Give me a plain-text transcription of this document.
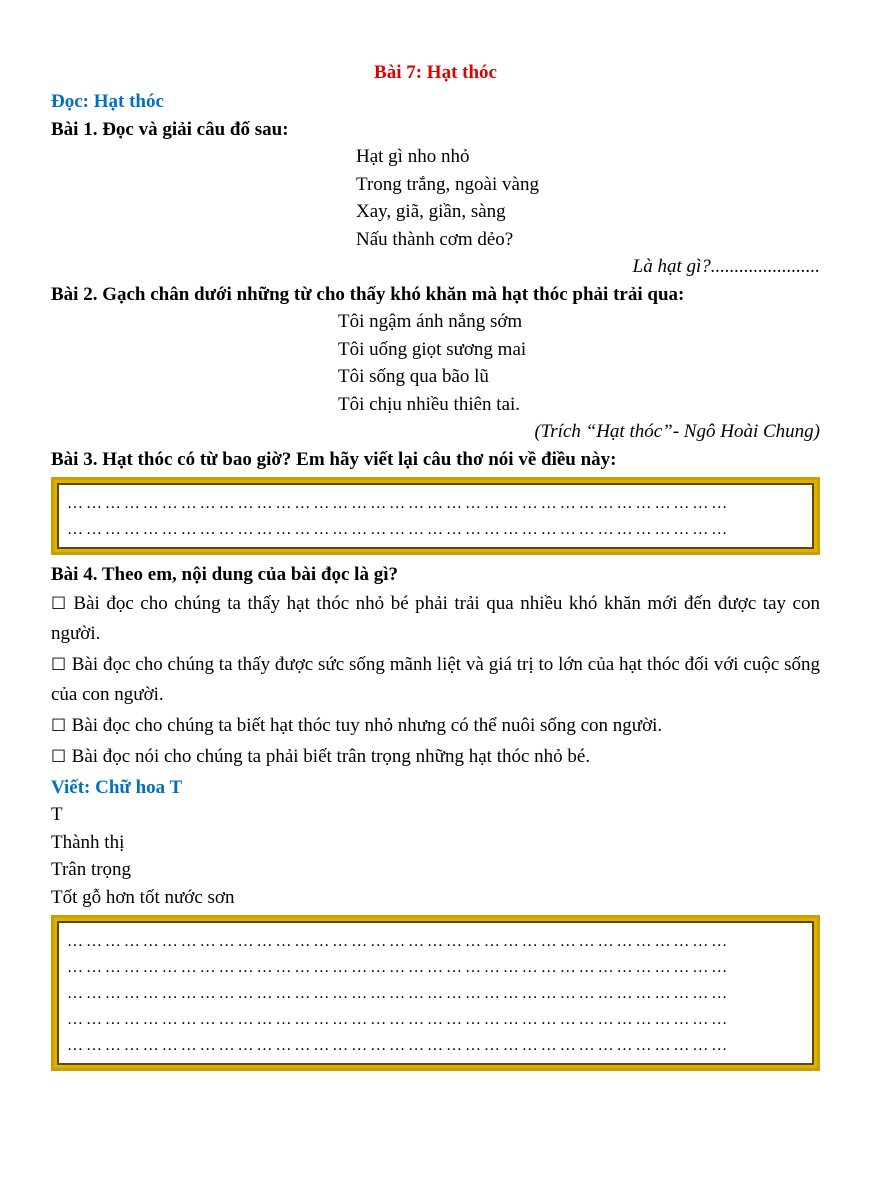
Bài 7: Hạt thóc
Đọc: Hạt thóc
Bài 1. Đọc và giải câu đố sau:
Hạt gì nho nhỏ
Trong trắng, ngoài vàng
Xay, giã, giần, sàng
Nấu thành cơm dẻo?
Là hạt gì?.......................
Bài 2. Gạch chân dưới những từ cho thấy khó khăn mà hạt thóc phải trải qua:
Tôi ngậm ánh nắng sớm
Tôi uống giọt sương mai
Tôi sống qua bão lũ
Tôi chịu nhiều thiên tai.
(Trích “Hạt thóc”- Ngô Hoài Chung)
Bài 3. Hạt thóc có từ bao giờ? Em hãy viết lại câu thơ nói về điều này:
……………………………………………………………………………………………
……………………………………………………………………………………………
Bài 4. Theo em, nội dung của bài đọc là gì?
☐ Bài đọc cho chúng ta thấy hạt thóc nhỏ bé phải trải qua nhiều khó khăn mới đến được tay con người.
☐ Bài đọc cho chúng ta thấy được sức sống mãnh liệt và giá trị to lớn của hạt thóc đối với cuộc sống của con người.
☐ Bài đọc cho chúng ta biết hạt thóc tuy nhỏ nhưng có thể nuôi sống con người.
☐ Bài đọc nói cho chúng ta phải biết trân trọng những hạt thóc nhỏ bé.
Viết: Chữ hoa T
T
Thành thị
Trân trọng
Tốt gỗ hơn tốt nước sơn
……………………………………………………………………………………………
……………………………………………………………………………………………
……………………………………………………………………………………………
……………………………………………………………………………………………
……………………………………………………………………………………………
